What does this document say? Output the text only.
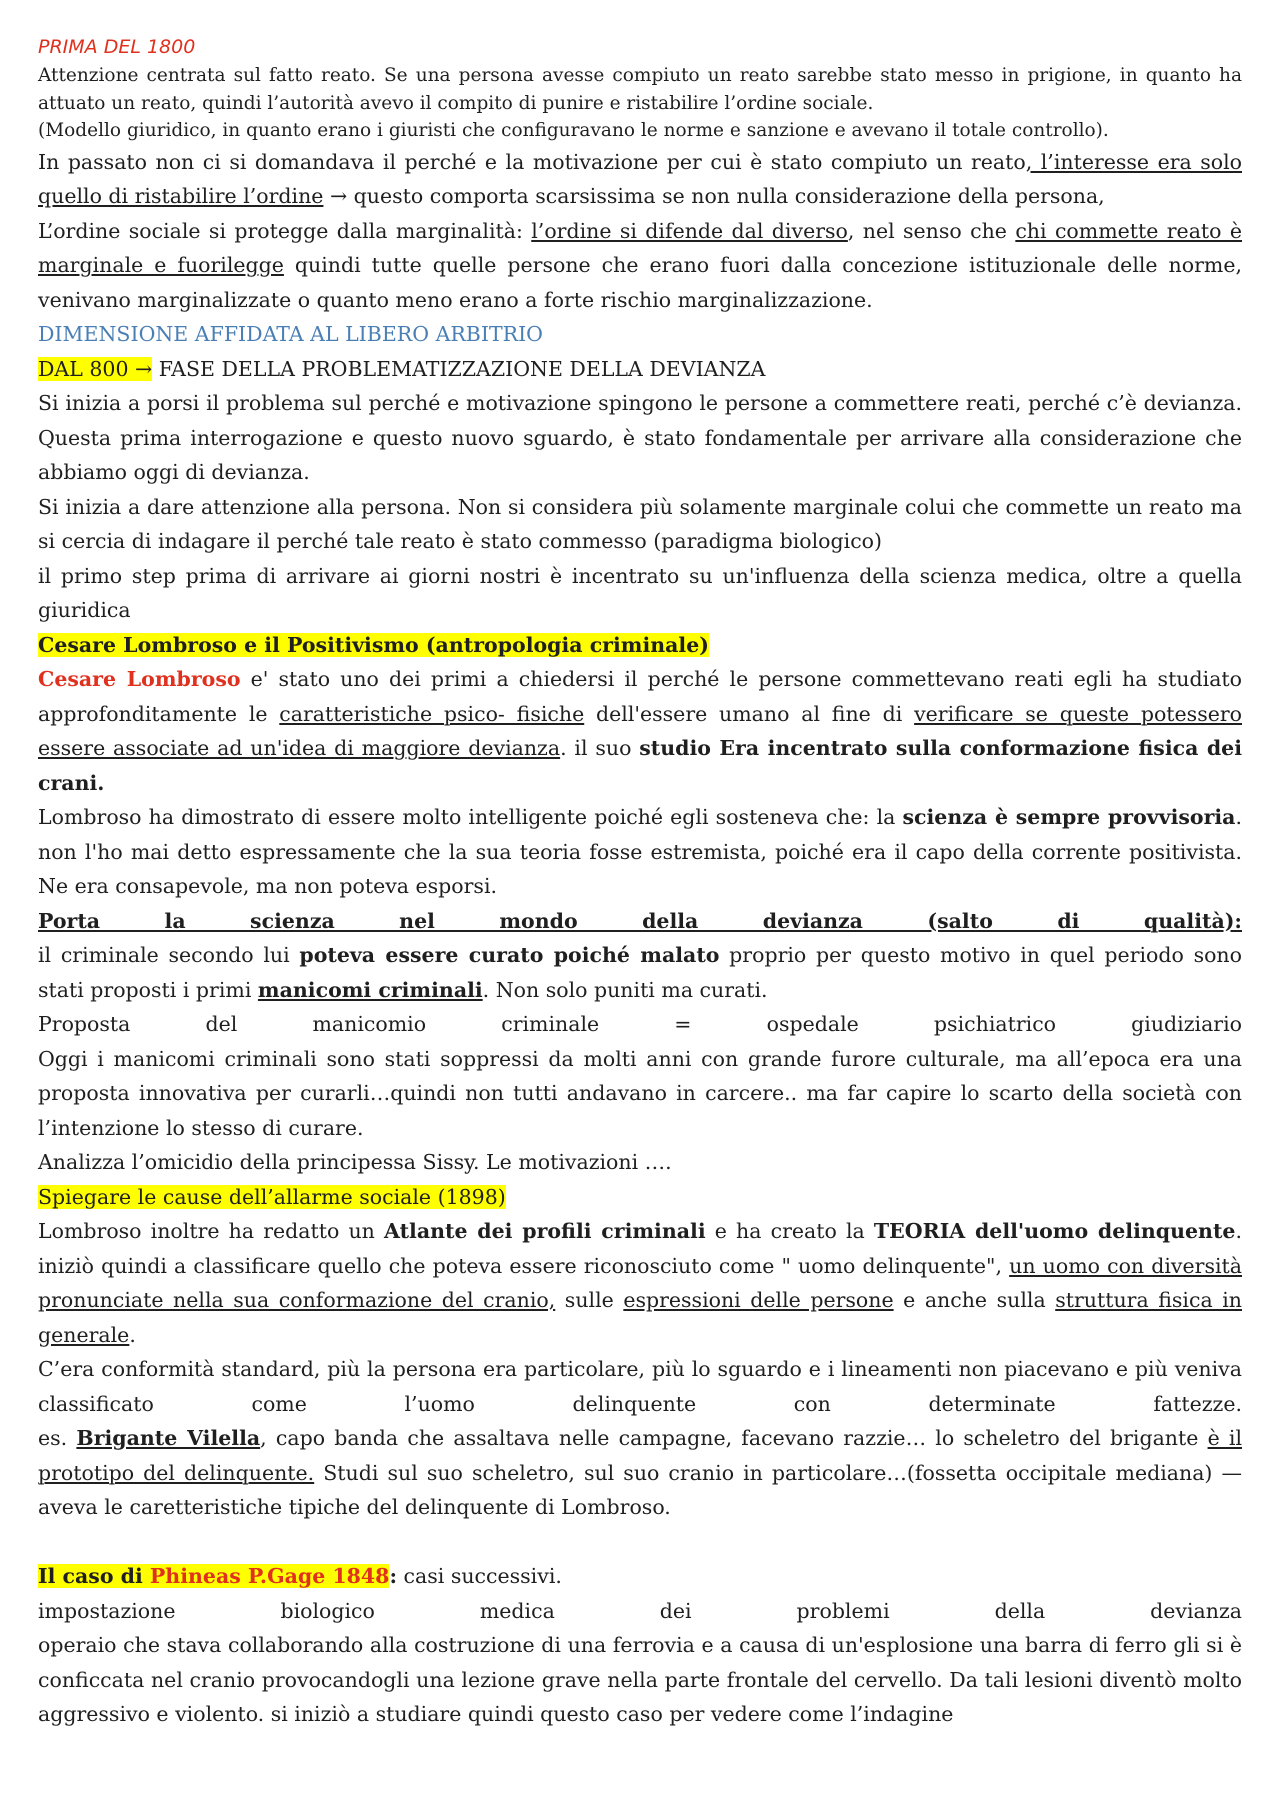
PRIMA DEL 1800

Attenzione centrata sul fatto reato. Se una persona avesse compiuto un reato sarebbe stato messo in prigione, in quanto ha attuato un reato, quindi l’autorità avevo il compito di punire e ristabilire l’ordine sociale.

(Modello giuridico, in quanto erano i giuristi che configuravano le norme e sanzione e avevano il totale controllo).

In passato non ci si domandava il perché e la motivazione per cui è stato compiuto un reato, l’interesse era solo quello di ristabilire l’ordine → questo comporta scarsissima se non nulla considerazione della persona,

L’ordine sociale si protegge dalla marginalità: l’ordine si difende dal diverso, nel senso che chi commette reato è marginale e fuorilegge quindi tutte quelle persone che erano fuori dalla concezione istituzionale delle norme, venivano marginalizzate o quanto meno erano a forte rischio marginalizzazione.

DIMENSIONE AFFIDATA AL LIBERO ARBITRIO

DAL 800 → FASE DELLA PROBLEMATIZZAZIONE DELLA DEVIANZA

Si inizia a porsi il problema sul perché e motivazione spingono le persone a commettere reati, perché c’è devianza. Questa prima interrogazione e questo nuovo sguardo, è stato fondamentale per arrivare alla considerazione che abbiamo oggi di devianza.

Si inizia a dare attenzione alla persona. Non si considera più solamente marginale colui che commette un reato ma si cercia di indagare il perché tale reato è stato commesso (paradigma biologico)

il primo step prima di arrivare ai giorni nostri è incentrato su un'influenza della scienza medica, oltre a quella giuridica

Cesare Lombroso e il Positivismo (antropologia criminale)

Cesare Lombroso e' stato uno dei primi a chiedersi il perché le persone commettevano reati egli ha studiato approfonditamente le caratteristiche psico- fisiche dell'essere umano al fine di verificare se queste potessero essere associate ad un'idea di maggiore devianza. il suo studio Era incentrato sulla conformazione fisica dei crani.

Lombroso ha dimostrato di essere molto intelligente poiché egli sosteneva che: la scienza è sempre provvisoria. non l'ho mai detto espressamente che la sua teoria fosse estremista, poiché era il capo della corrente positivista. Ne era consapevole, ma non poteva esporsi.

Porta la scienza nel mondo della devianza (salto di qualità):

il criminale secondo lui poteva essere curato poiché malato proprio per questo motivo in quel periodo sono stati proposti i primi manicomi criminali. Non solo puniti ma curati.

Proposta del manicomio criminale = ospedale psichiatrico giudiziario

Oggi i manicomi criminali sono stati soppressi da molti anni con grande furore culturale, ma all’epoca era una proposta innovativa per curarli…quindi non tutti andavano in carcere.. ma far capire lo scarto della società con l’intenzione lo stesso di curare.

Analizza l’omicidio della principessa Sissy. Le motivazioni ….

Spiegare le cause dell’allarme sociale (1898)

Lombroso inoltre ha redatto un Atlante dei profili criminali e ha creato la TEORIA dell'uomo delinquente. iniziò quindi a classificare quello che poteva essere riconosciuto come " uomo delinquente", un uomo con diversità pronunciate nella sua conformazione del cranio, sulle espressioni delle persone e anche sulla struttura fisica in generale.

C’era conformità standard, più la persona era particolare, più lo sguardo e i lineamenti non piacevano e più veniva classificato come l’uomo delinquente con determinate fattezze.

es. Brigante Vilella, capo banda che assaltava nelle campagne, facevano razzie… lo scheletro del brigante è il prototipo del delinquente. Studi sul suo scheletro, sul suo cranio in particolare…(fossetta occipitale mediana) —aveva le caretteristiche tipiche del delinquente di Lombroso.

Il caso di Phineas P.Gage 1848: casi successivi.

impostazione biologico medica dei problemi della devianza

operaio che stava collaborando alla costruzione di una ferrovia e a causa di un'esplosione una barra di ferro gli si è conficcata nel cranio provocandogli una lezione grave nella parte frontale del cervello. Da tali lesioni diventò molto aggressivo e violento. si iniziò a studiare quindi questo caso per vedere come l’indagine
